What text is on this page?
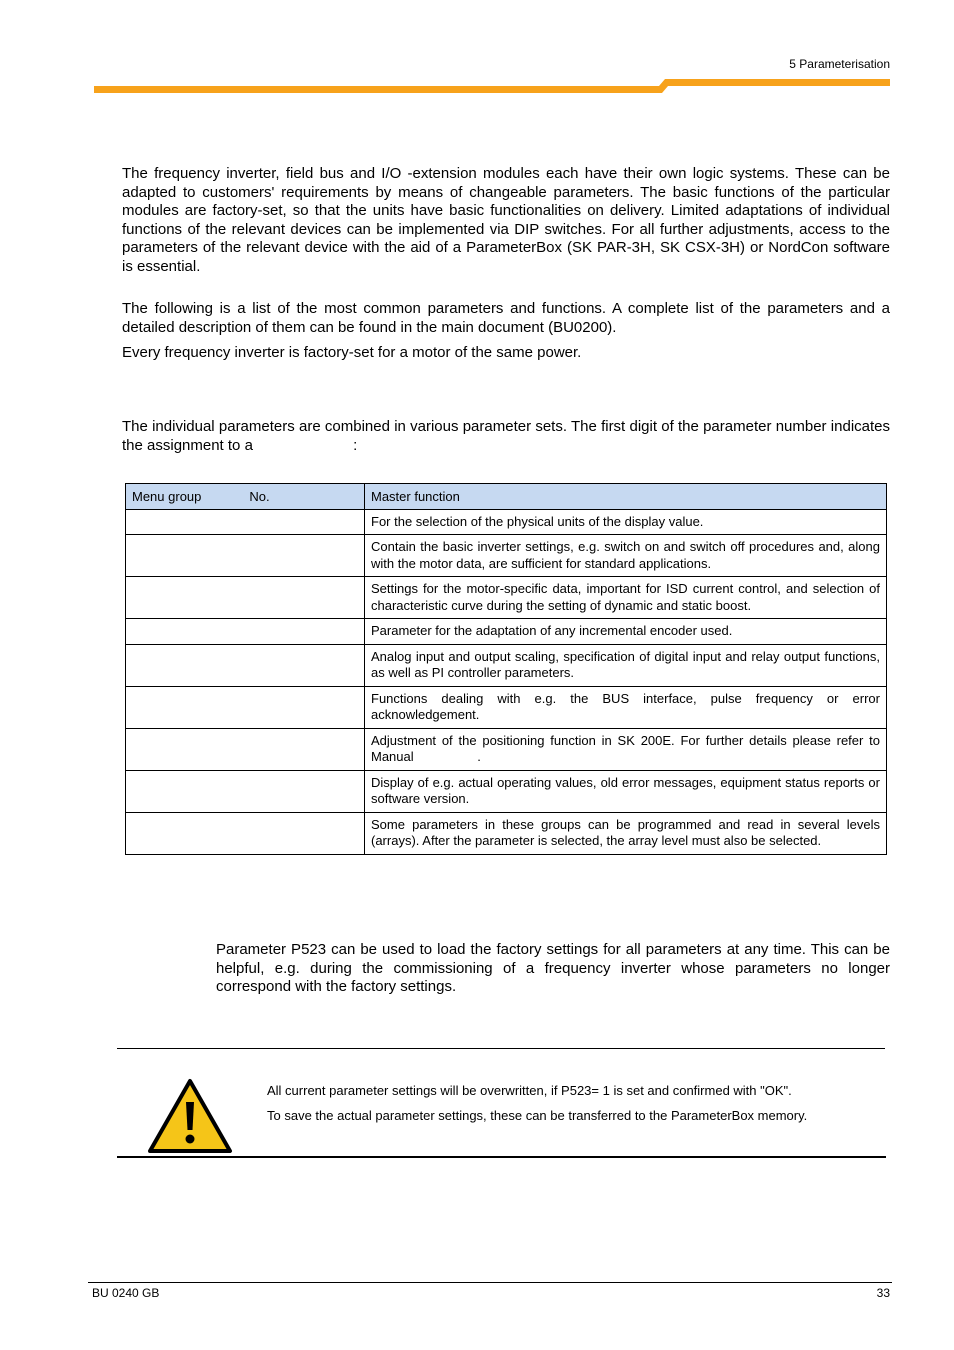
5 Parameterisation
The frequency inverter, field bus and I/O -extension modules each have their own logic systems. These can be adapted to customers' requirements by means of changeable parameters. The basic functions of the particular modules are factory-set, so that the units have basic functionalities on delivery. Limited adaptations of individual functions of the relevant devices can be implemented via DIP switches. For all further adjustments, access to the parameters of the relevant device with the aid of a ParameterBox (SK PAR-3H, SK CSX-3H) or NordCon software is essential.
The following is a list of the most common parameters and functions. A complete list of the parameters and a detailed description of them can be found in the main document (BU0200).
Every frequency inverter is factory-set for a motor of the same power.
The individual parameters are combined in various parameter sets. The first digit of the parameter number indicates the assignment to a	:
Menu group No.	Master function
	For the selection of the physical units of the display value.
	Contain the basic inverter settings, e.g. switch on and switch off procedures and, along with the motor data, are sufficient for standard applications.
	Settings for the motor-specific data, important for ISD current control, and selection of characteristic curve during the setting of dynamic and static boost.
	Parameter for the adaptation of any incremental encoder used.
	Analog input and output scaling, specification of digital input and relay output functions, as well as PI controller parameters.
	Functions dealing with e.g. the BUS interface, pulse frequency or error acknowledgement.
	Adjustment of the positioning function in SK 200E. For further details please refer to Manual .
	Display of e.g. actual operating values, old error messages, equipment status reports or software version.
	Some parameters in these groups can be programmed and read in several levels (arrays). After the parameter is selected, the array level must also be selected.
Parameter P523 can be used to load the factory settings for all parameters at any time. This can be helpful, e.g. during the commissioning of a frequency inverter whose parameters no longer correspond with the factory settings.
All current parameter settings will be overwritten, if P523= 1 is set and confirmed with "OK".
To save the actual parameter settings, these can be transferred to the ParameterBox memory.
BU 0240 GB	33
